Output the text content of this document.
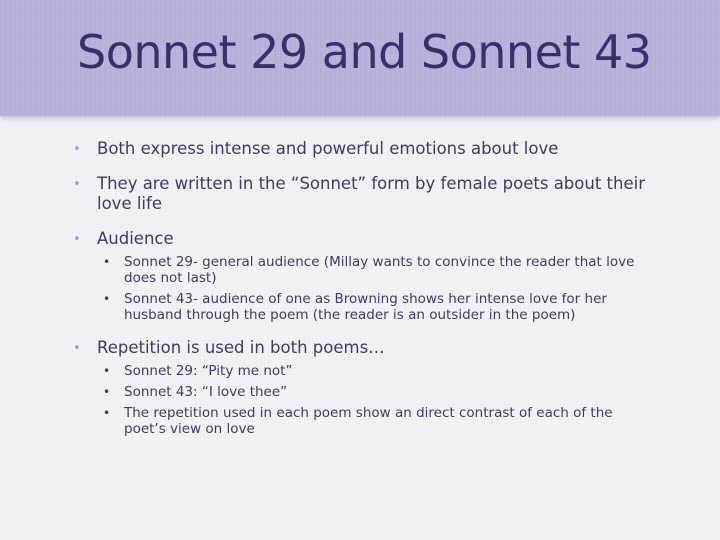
Sonnet 29 and Sonnet 43
• Both express intense and powerful emotions about love
• They are written in the “Sonnet” form by female poets about their love life
• Audience
• Sonnet 29- general audience (Millay wants to convince the reader that love does not last)
• Sonnet 43- audience of one as Browning shows her intense love for her husband through the poem (the reader is an outsider in the poem)
• Repetition is used in both poems…
• Sonnet 29: “Pity me not”
• Sonnet 43: “I love thee”
• The repetition used in each poem show an direct contrast of each of the poet’s view on love
